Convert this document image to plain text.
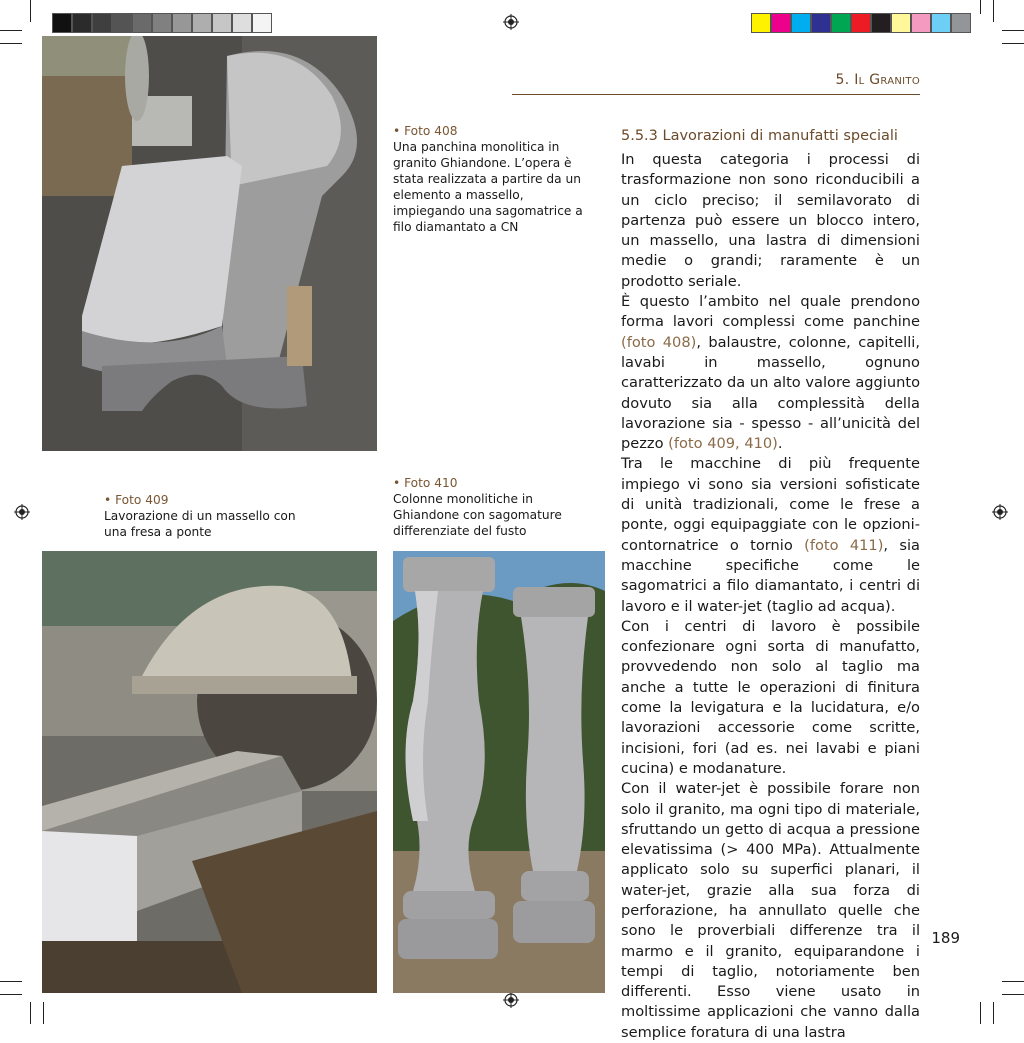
5. Il Granito
• Foto 408
Una panchina monolitica in granito Ghiandone. L’opera è stata realizzata a partire da un elemento a massello, impiegando una sagomatrice a filo diamantato a CN
• Foto 409
Lavorazione di un massello con una fresa a ponte
• Foto 410
Colonne monolitiche in Ghiandone con sagomature differenziate del fusto
5.5.3 Lavorazioni di manufatti speciali

In questa categoria i processi di trasformazione non sono riconducibili a un ciclo preciso; il semilavorato di partenza può essere un blocco intero, un massello, una lastra di dimensioni medie o grandi; raramente è un prodotto seriale.

È questo l’ambito nel quale prendono forma lavori complessi come panchine (foto 408), balaustre, colonne, capitelli, lavabi in massello, ognuno caratterizzato da un alto valore aggiunto dovuto sia alla complessità della lavorazione sia - spesso - all’unicità del pezzo (foto 409, 410).

Tra le macchine di più frequente impiego vi sono sia versioni sofisticate di unità tradizionali, come le frese a ponte, oggi equipaggiate con le opzioni-contornatrice o tornio (foto 411), sia macchine specifiche come le sagomatrici a filo diamantato, i centri di lavoro e il water-jet (taglio ad acqua).

Con i centri di lavoro è possibile confezionare ogni sorta di manufatto, provvedendo non solo al taglio ma anche a tutte le operazioni di finitura come la levigatura e la lucidatura, e/o lavorazioni accessorie come scritte, incisioni, fori (ad es. nei lavabi e piani cucina) e modanature.

Con il water-jet è possibile forare non solo il granito, ma ogni tipo di materiale, sfruttando un getto di acqua a pressione elevatissima (> 400 MPa). Attualmente applicato solo su superfici planari, il water-jet, grazie alla sua forza di perforazione, ha annullato quelle che sono le proverbiali differenze tra il marmo e il granito, equiparandone i tempi di taglio, notoriamente ben differenti. Esso viene usato in moltissime applicazioni che vanno dalla semplice foratura di una lastra

189
